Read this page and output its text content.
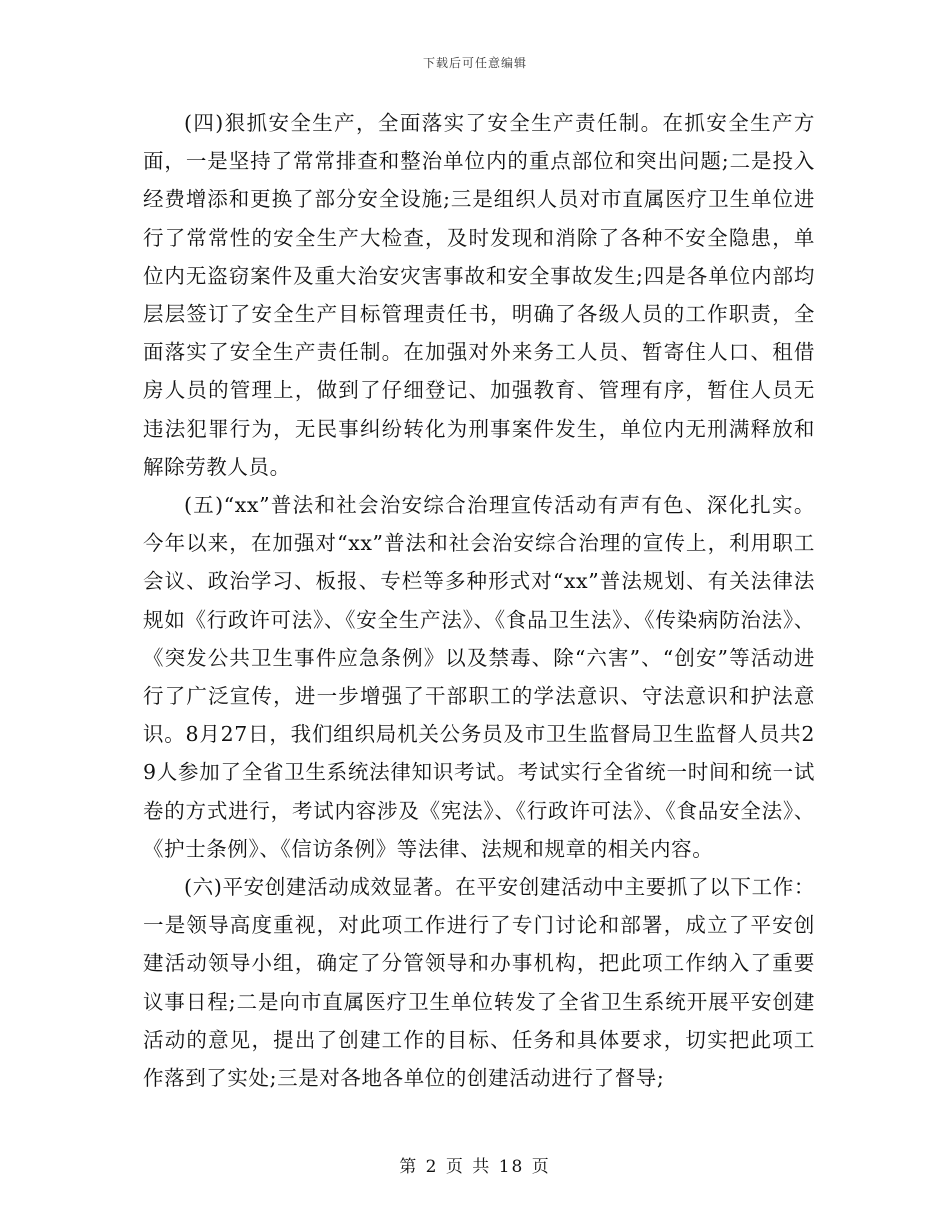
下载后可任意编辑

(四)狠抓安全生产，全面落实了安全生产责任制。在抓安全生产方面，一是坚持了常常排查和整治单位内的重点部位和突出问题;二是投入经费增添和更换了部分安全设施;三是组织人员对市直属医疗卫生单位进行了常常性的安全生产大检查，及时发现和消除了各种不安全隐患，单位内无盗窃案件及重大治安灾害事故和安全事故发生;四是各单位内部均层层签订了安全生产目标管理责任书，明确了各级人员的工作职责，全面落实了安全生产责任制。在加强对外来务工人员、暂寄住人口、租借房人员的管理上，做到了仔细登记、加强教育、管理有序，暂住人员无违法犯罪行为，无民事纠纷转化为刑事案件发生，单位内无刑满释放和解除劳教人员。

(五)“xx”普法和社会治安综合治理宣传活动有声有色、深化扎实。今年以来，在加强对“xx”普法和社会治安综合治理的宣传上，利用职工会议、政治学习、板报、专栏等多种形式对“xx”普法规划、有关法律法规如《行政许可法》、《安全生产法》、《食品卫生法》、《传染病防治法》、《突发公共卫生事件应急条例》以及禁毒、除“六害”、“创安”等活动进行了广泛宣传，进一步增强了干部职工的学法意识、守法意识和护法意识。8月27日，我们组织局机关公务员及市卫生监督局卫生监督人员共29人参加了全省卫生系统法律知识考试。考试实行全省统一时间和统一试卷的方式进行，考试内容涉及《宪法》、《行政许可法》、《食品安全法》、《护士条例》、《信访条例》等法律、法规和规章的相关内容。

(六)平安创建活动成效显著。在平安创建活动中主要抓了以下工作：一是领导高度重视，对此项工作进行了专门讨论和部署，成立了平安创建活动领导小组，确定了分管领导和办事机构，把此项工作纳入了重要议事日程;二是向市直属医疗卫生单位转发了全省卫生系统开展平安创建活动的意见，提出了创建工作的目标、任务和具体要求，切实把此项工作落到了实处;三是对各地各单位的创建活动进行了督导;

第 2 页 共 18 页
